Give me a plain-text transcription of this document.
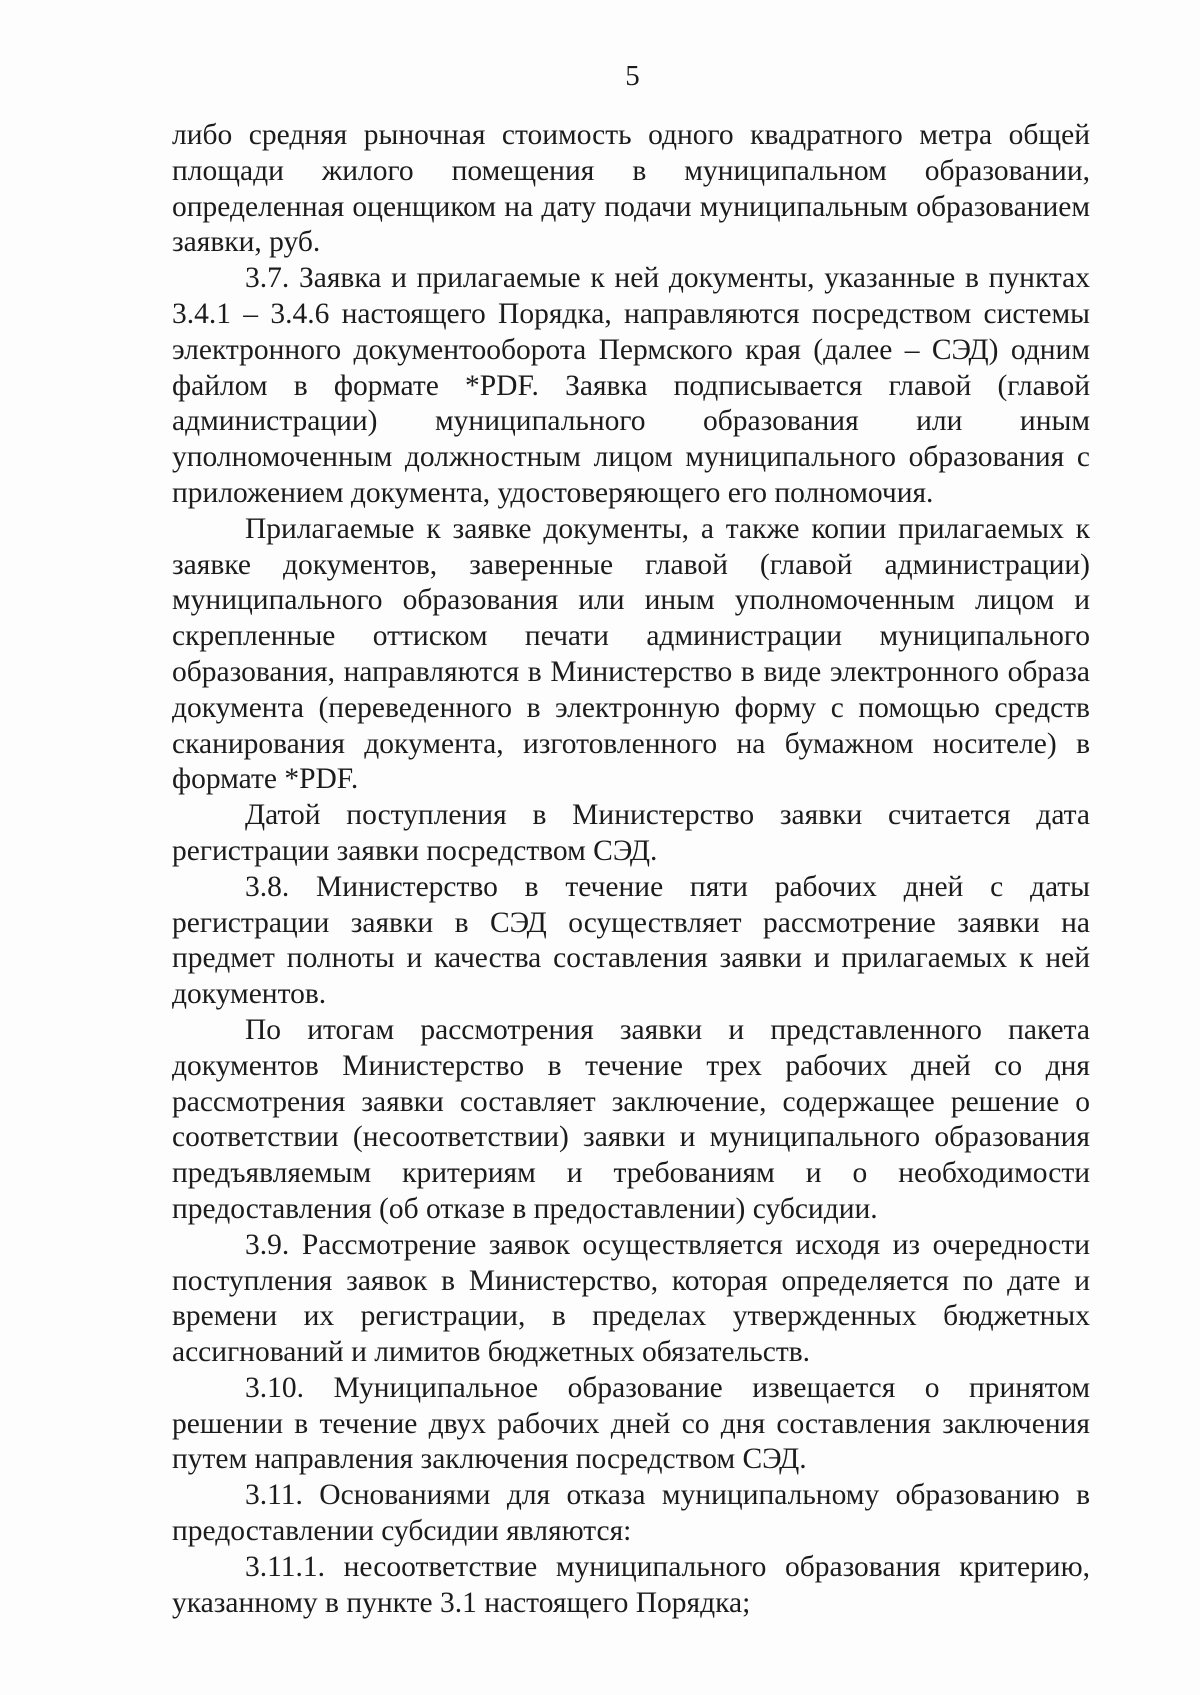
5

либо средняя рыночная стоимость одного квадратного метра общей площади жилого помещения в муниципальном образовании, определенная оценщиком на дату подачи муниципальным образованием заявки, руб.

3.7. Заявка и прилагаемые к ней документы, указанные в пунктах 3.4.1 – 3.4.6 настоящего Порядка, направляются посредством системы электронного документооборота Пермского края (далее – СЭД) одним файлом в формате *PDF. Заявка подписывается главой (главой администрации) муниципального образования или иным уполномоченным должностным лицом муниципального образования с приложением документа, удостоверяющего его полномочия.

Прилагаемые к заявке документы, а также копии прилагаемых к заявке документов, заверенные главой (главой администрации) муниципального образования или иным уполномоченным лицом и скрепленные оттиском печати администрации муниципального образования, направляются в Министерство в виде электронного образа документа (переведенного в электронную форму с помощью средств сканирования документа, изготовленного на бумажном носителе) в формате *PDF.

Датой поступления в Министерство заявки считается дата регистрации заявки посредством СЭД.

3.8. Министерство в течение пяти рабочих дней с даты регистрации заявки в СЭД осуществляет рассмотрение заявки на предмет полноты и качества составления заявки и прилагаемых к ней документов.

По итогам рассмотрения заявки и представленного пакета документов Министерство в течение трех рабочих дней со дня рассмотрения заявки составляет заключение, содержащее решение о соответствии (несоответствии) заявки и муниципального образования предъявляемым критериям и требованиям и о необходимости предоставления (об отказе в предоставлении) субсидии.

3.9. Рассмотрение заявок осуществляется исходя из очередности поступления заявок в Министерство, которая определяется по дате и времени их регистрации, в пределах утвержденных бюджетных ассигнований и лимитов бюджетных обязательств.

3.10. Муниципальное образование извещается о принятом решении в течение двух рабочих дней со дня составления заключения путем направления заключения посредством СЭД.

3.11. Основаниями для отказа муниципальному образованию в предоставлении субсидии являются:

3.11.1. несоответствие муниципального образования критерию, указанному в пункте 3.1 настоящего Порядка;
